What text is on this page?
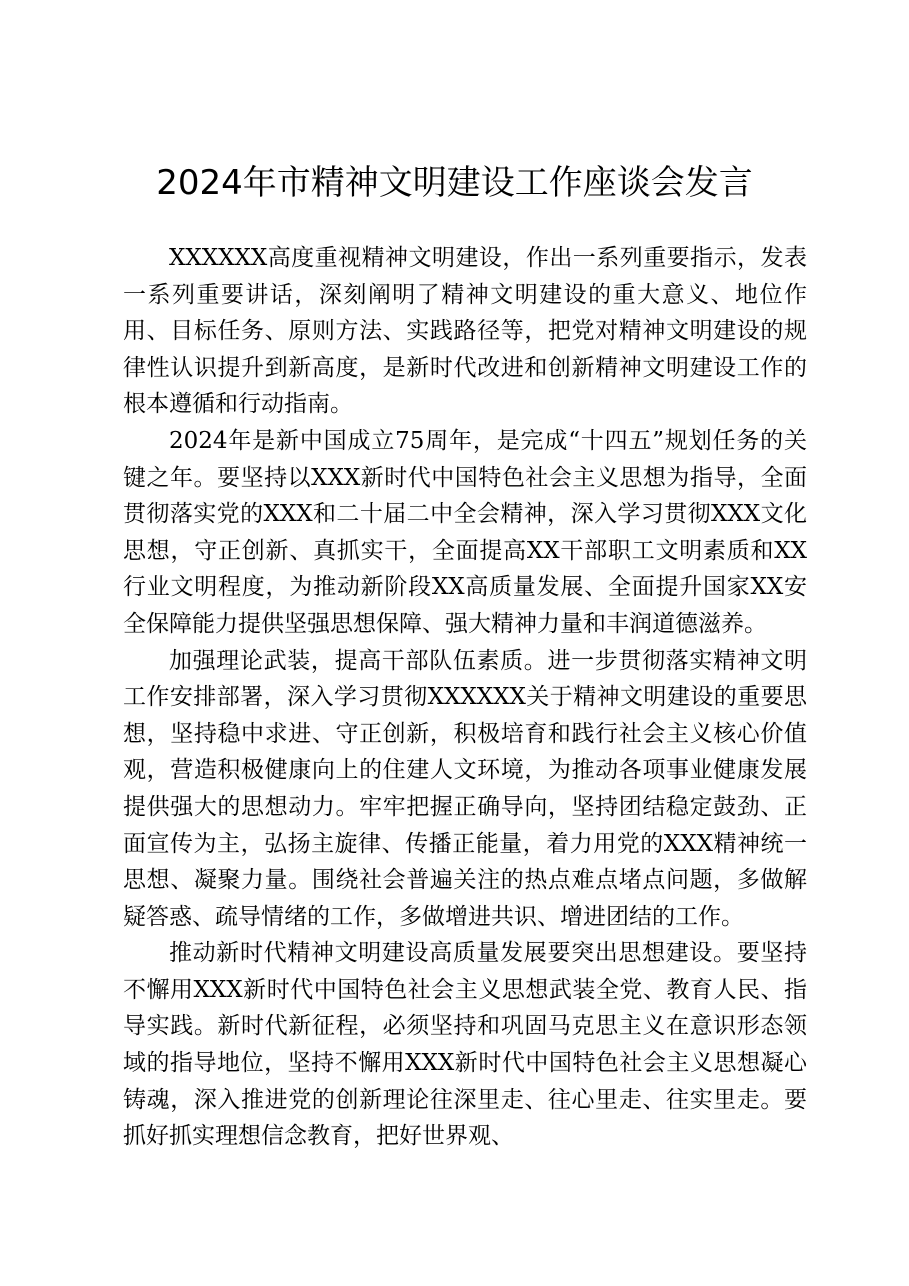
2024年市精神文明建设工作座谈会发言

XXXXXX高度重视精神文明建设，作出一系列重要指示，发表一系列重要讲话，深刻阐明了精神文明建设的重大意义、地位作用、目标任务、原则方法、实践路径等，把党对精神文明建设的规律性认识提升到新高度，是新时代改进和创新精神文明建设工作的根本遵循和行动指南。

2024年是新中国成立75周年，是完成“十四五”规划任务的关键之年。要坚持以XXX新时代中国特色社会主义思想为指导，全面贯彻落实党的XXX和二十届二中全会精神，深入学习贯彻XXX文化思想，守正创新、真抓实干，全面提高XX干部职工文明素质和XX行业文明程度，为推动新阶段XX高质量发展、全面提升国家XX安全保障能力提供坚强思想保障、强大精神力量和丰润道德滋养。

加强理论武装，提高干部队伍素质。进一步贯彻落实精神文明工作安排部署，深入学习贯彻XXXXXX关于精神文明建设的重要思想，坚持稳中求进、守正创新，积极培育和践行社会主义核心价值观，营造积极健康向上的住建人文环境，为推动各项事业健康发展提供强大的思想动力。牢牢把握正确导向，坚持团结稳定鼓劲、正面宣传为主，弘扬主旋律、传播正能量，着力用党的XXX精神统一思想、凝聚力量。围绕社会普遍关注的热点难点堵点问题，多做解疑答惑、疏导情绪的工作，多做增进共识、增进团结的工作。

推动新时代精神文明建设高质量发展要突出思想建设。要坚持不懈用XXX新时代中国特色社会主义思想武装全党、教育人民、指导实践。新时代新征程，必须坚持和巩固马克思主义在意识形态领域的指导地位，坚持不懈用XXX新时代中国特色社会主义思想凝心铸魂，深入推进党的创新理论往深里走、往心里走、往实里走。要抓好抓实理想信念教育，把好世界观、
